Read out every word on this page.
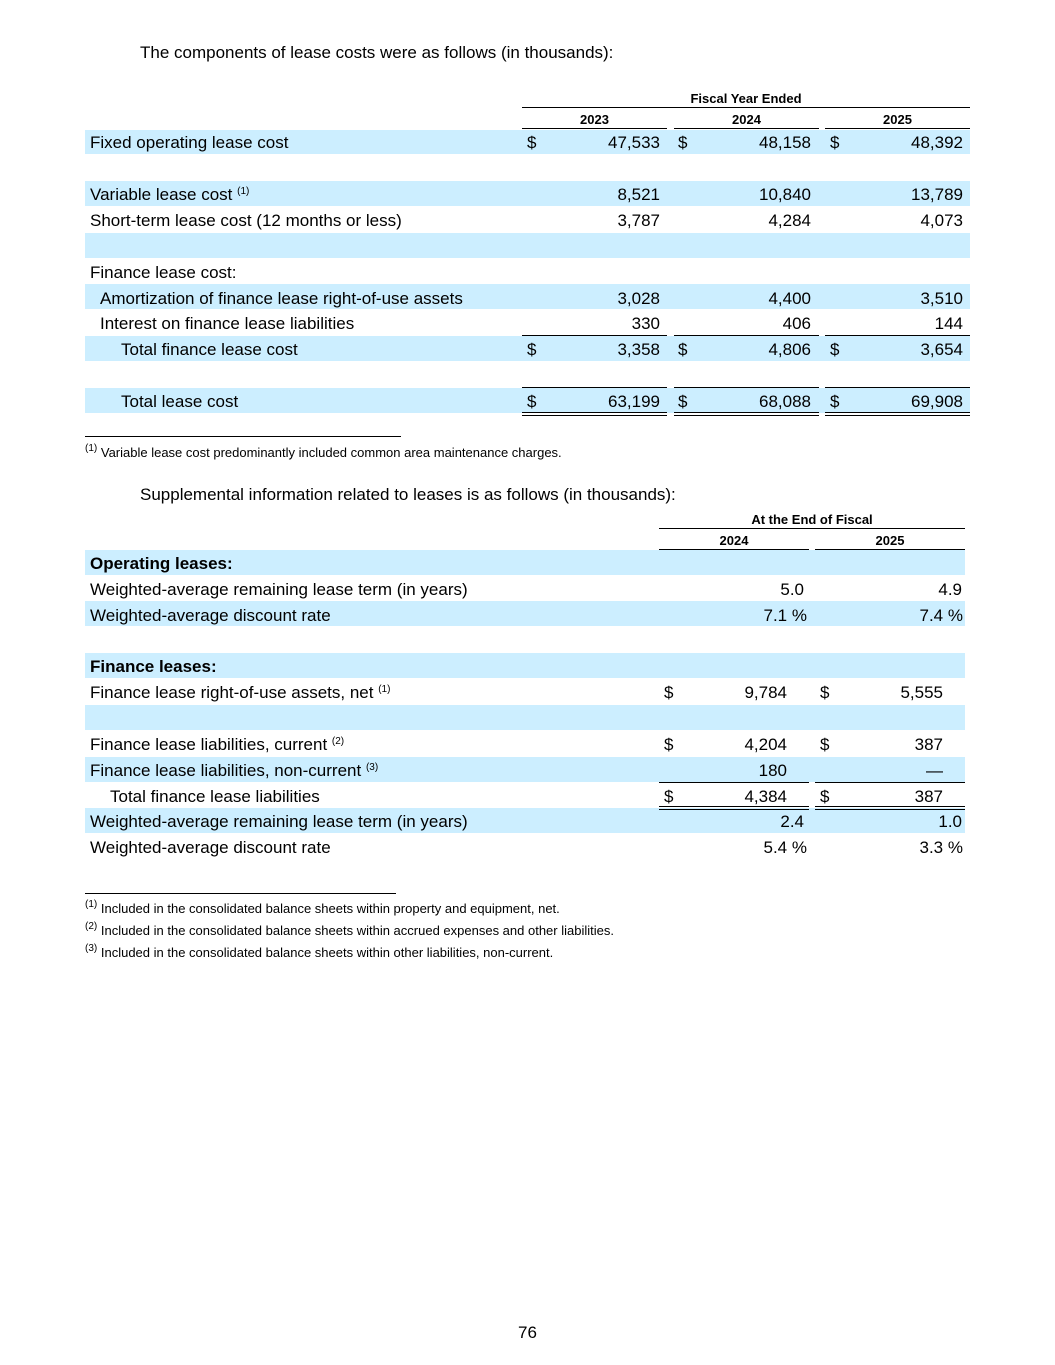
The components of lease costs were as follows (in thousands):
Fiscal Year Ended
2023	2024	2025
Fixed operating lease cost	$	47,533 $	48,158 $	48,392
Variable lease cost $^{(1)}$	8,521	10,840	13,789
Short-term lease cost (12 months or less)	3,787	4,284	4,073
Finance lease cost:
Amortization of finance lease right-of-use assets	3,028	4,400	3,510
Interest on finance lease liabilities	330	406	144
Total finance lease cost	$	3,358 $	4,806 $	3,654
Total lease cost	$	63,199 $	68,088 $	69,908
$^{(1)}$ Variable lease cost predominantly included common area maintenance charges.
Supplemental information related to leases is as follows (in thousands):
At the End of Fiscal
2024	2025
Operating leases:
Weighted-average remaining lease term (in years)	5.0	4.9
Weighted-average discount rate	7.1 %	7.4 %
Finance leases:
Finance lease right-of-use assets, net $^{(1)}$	$	9,784 $	5,555
Finance lease liabilities, current $^{(2)}$	$	4,204 $	387
Finance lease liabilities, non-current $^{(3)}$	180	—
Total finance lease liabilities	$	4,384 $	387
Weighted-average remaining lease term (in years)	2.4	1.0
Weighted-average discount rate	5.4 %	3.3 %
$^{(1)}$ Included in the consolidated balance sheets within property and equipment, net.
$^{(2)}$ Included in the consolidated balance sheets within accrued expenses and other liabilities.
$^{(3)}$ Included in the consolidated balance sheets within other liabilities, non-current.
76
